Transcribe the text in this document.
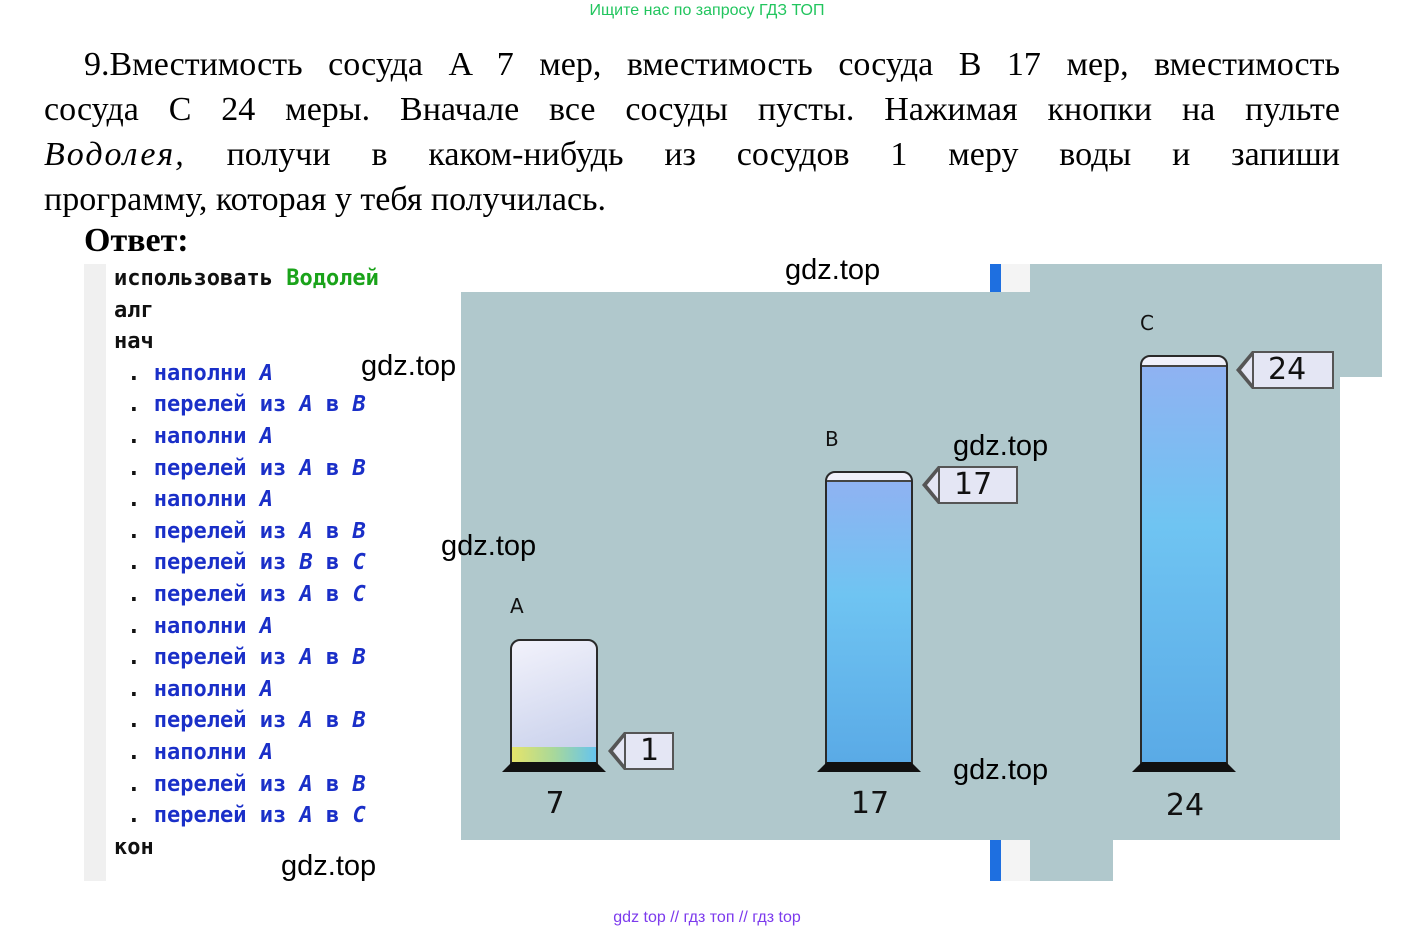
Ищите нас по запросу ГДЗ ТОП
9.Вместимость сосуда A 7 мер, вместимость сосуда B 17 мер, вместимость
сосуда C 24 меры. Вначале все сосуды пусты. Нажимая кнопки на пульте
Водолея, получи в каком-нибудь из сосудов 1 меру воды и запиши
программу, которая у тебя получилась.
Ответ:
использовать Водолей
алг
нач
. наполни A
. перелей из A в B
. наполни A
. перелей из A в B
. наполни A
. перелей из A в B
. перелей из B в C
. перелей из A в C
. наполни A
. перелей из A в B
. наполни A
. перелей из A в B
. наполни A
. перелей из A в B
. перелей из A в C
кон
A
1
7
B
17
17
C
24
24
gdz.top
gdz.top
gdz.top
gdz.top
gdz.top
gdz.top
gdz top // гдз топ // гдз top
